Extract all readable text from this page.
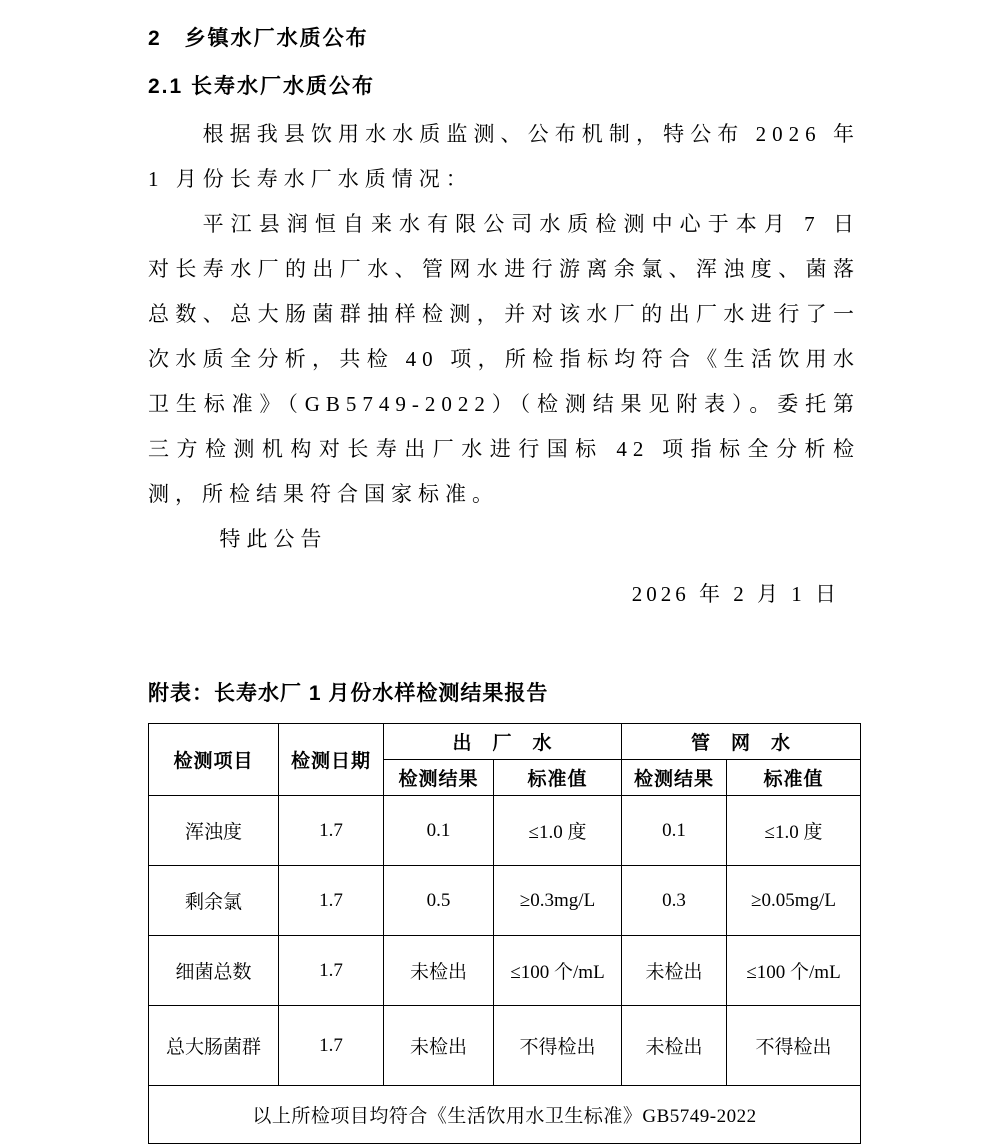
2　乡镇水厂水质公布
2.1 长寿水厂水质公布

根据我县饮用水水质监测、公布机制，特公布 2026 年 1 月份长寿水厂水质情况：

平江县润恒自来水有限公司水质检测中心于本月 7 日对长寿水厂的出厂水、管网水进行游离余氯、浑浊度、菌落总数、总大肠菌群抽样检测，并对该水厂的出厂水进行了一次水质全分析，共检 40 项，所检指标均符合《生活饮用水卫生标准》（GB5749-2022）（检测结果见附表）。委托第三方检测机构对长寿出厂水进行国标 42 项指标全分析检测，所检结果符合国家标准。

特此公告

2026 年 2 月 1 日
附表：长寿水厂 1 月份水样检测结果报告
检测项目	检测日期	出　厂　水		管　网　水	
		检测结果	标准值	检测结果	标准值
浑浊度	1.7	0.1	≤1.0 度	0.1	≤1.0 度
剩余氯	1.7	0.5	≥0.3mg/L	0.3	≥0.05mg/L
细菌总数	1.7	未检出	≤100 个/mL	未检出	≤100 个/mL
总大肠菌群	1.7	未检出	不得检出	未检出	不得检出
以上所检项目均符合《生活饮用水卫生标准》GB5749-2022					
